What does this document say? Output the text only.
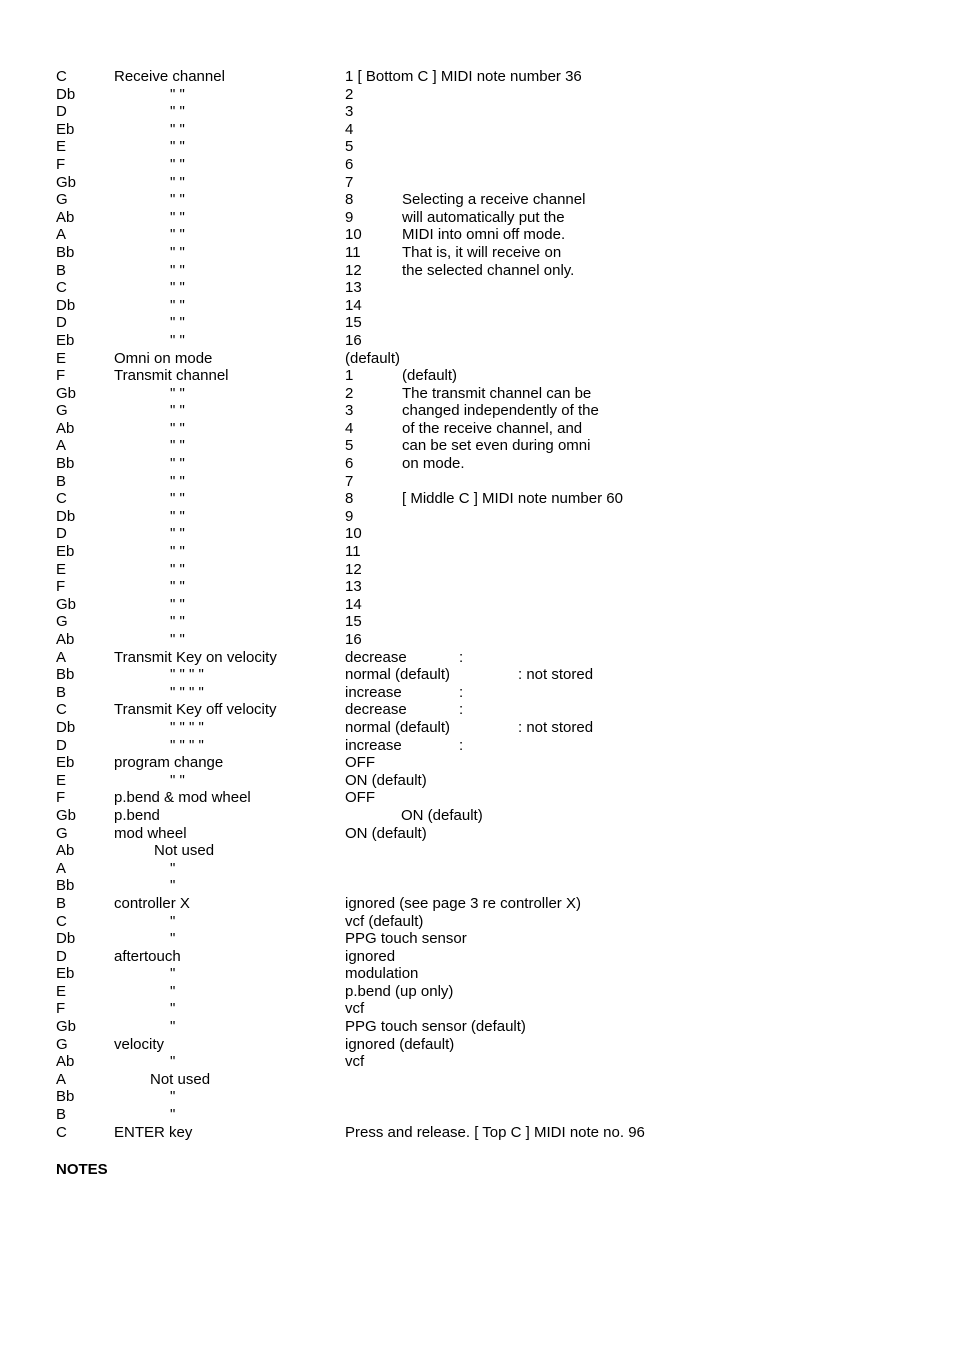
C	Receive channel	1 [ Bottom C ] MIDI note number 36
Db	" "	2
D	" "	3
Eb	" "	4
E	" "	5
F	" "	6
Gb	" "	7
G	" "	8	Selecting a receive channel
Ab	" "	9	will automatically put the
A	" "	10	MIDI into omni off mode.
Bb	" "	11	That is, it will receive on
B	" "	12	the selected channel only.
C	" "	13
Db	" "	14
D	" "	15
Eb	" "	16
E	Omni on mode	(default)
F	Transmit channel	1	(default)
Gb	" "	2	The transmit channel can be
G	" "	3	changed independently of the
Ab	" "	4	of the receive channel, and
A	" "	5	can be set even during omni
Bb	" "	6	on mode.
B	" "	7
C	" "	8	[ Middle C ] MIDI note number 60
Db	" "	9
D	" "	10
Eb	" "	11
E	" "	12
F	" "	13
Gb	" "	14
G	" "	15
Ab	" "	16
A	Transmit Key on velocity	decrease	:
Bb	" " " "	normal (default)	: not stored
B	" " " "	increase	:
C	Transmit Key off velocity	decrease	:
Db	" " " "	normal (default)	: not stored
D	" " " "	increase	:
Eb	program change	OFF
E	" "	ON (default)
F	p.bend & mod wheel	OFF
Gb	p.bend	ON (default)
G	mod wheel	ON (default)
Ab	Not used
A	"
Bb	"
B	controller X	ignored (see page 3 re controller X)
C	"	vcf (default)
Db	"	PPG touch sensor
D	aftertouch	ignored
Eb	"	modulation
E	"	p.bend (up only)
F	"	vcf
Gb	"	PPG touch sensor (default)
G	velocity	ignored (default)
Ab	"	vcf
A	Not used
Bb	"
B	"
C	ENTER key	Press and release. [ Top C ] MIDI note no. 96
NOTES
